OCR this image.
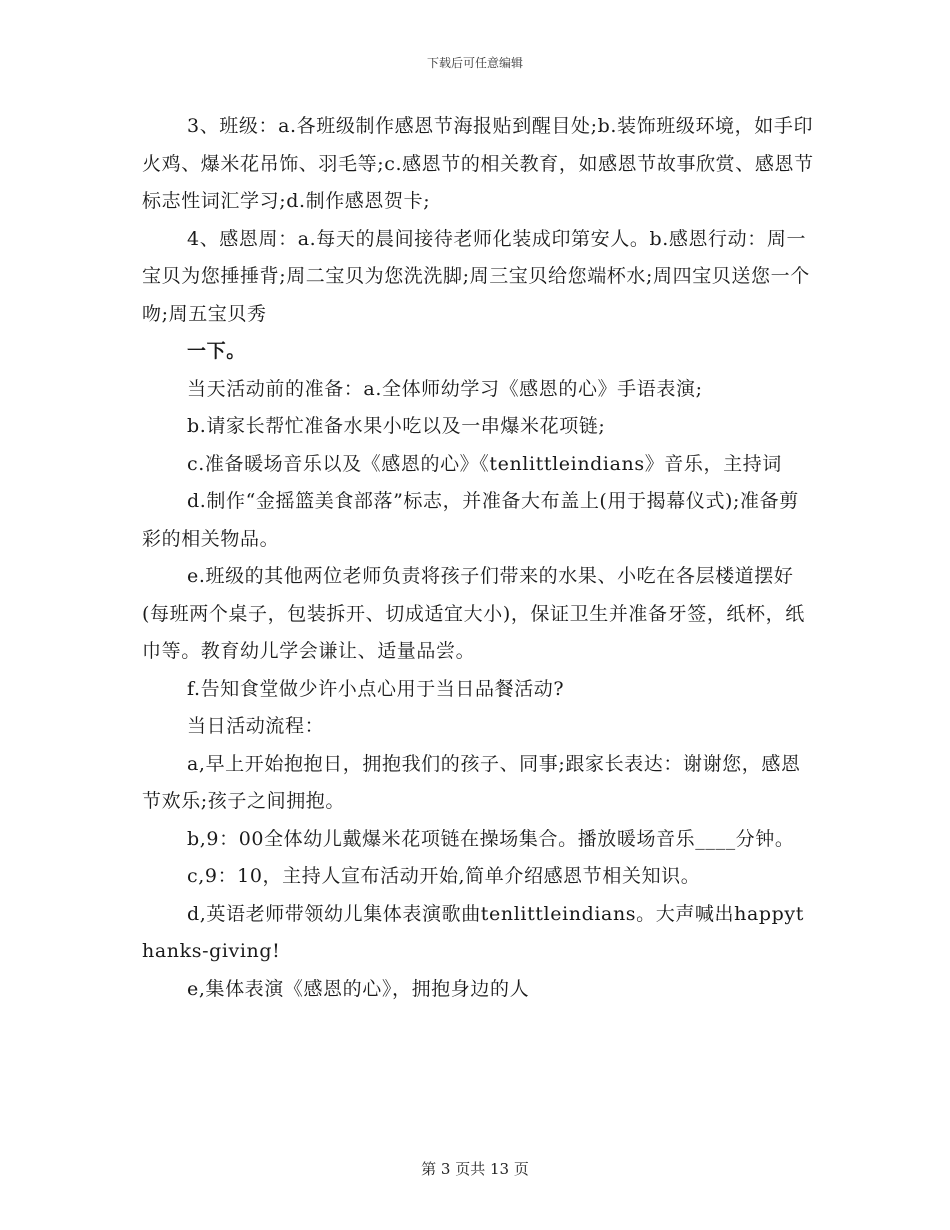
下载后可任意编辑

3、班级：a.各班级制作感恩节海报贴到醒目处;b.装饰班级环境，如手印火鸡、爆米花吊饰、羽毛等;c.感恩节的相关教育，如感恩节故事欣赏、感恩节标志性词汇学习;d.制作感恩贺卡;

4、感恩周：a.每天的晨间接待老师化装成印第安人。b.感恩行动：周一宝贝为您捶捶背;周二宝贝为您洗洗脚;周三宝贝给您端杯水;周四宝贝送您一个吻;周五宝贝秀

一下。

当天活动前的准备：a.全体师幼学习《感恩的心》手语表演;

b.请家长帮忙准备水果小吃以及一串爆米花项链;

c.准备暖场音乐以及《感恩的心》《tenlittleindians》音乐，主持词

d.制作“金摇篮美食部落”标志，并准备大布盖上(用于揭幕仪式);准备剪彩的相关物品。

e.班级的其他两位老师负责将孩子们带来的水果、小吃在各层楼道摆好(每班两个桌子，包装拆开、切成适宜大小)，保证卫生并准备牙签，纸杯，纸巾等。教育幼儿学会谦让、适量品尝。

f.告知食堂做少许小点心用于当日品餐活动?

当日活动流程：

a,早上开始抱抱日，拥抱我们的孩子、同事;跟家长表达：谢谢您，感恩节欢乐;孩子之间拥抱。

b,9：00全体幼儿戴爆米花项链在操场集合。播放暖场音乐____分钟。

c,9：10，主持人宣布活动开始,简单介绍感恩节相关知识。

d,英语老师带领幼儿集体表演歌曲tenlittleindians。大声喊出happythanks-giving!

e,集体表演《感恩的心》，拥抱身边的人

第 3 页共 13 页
